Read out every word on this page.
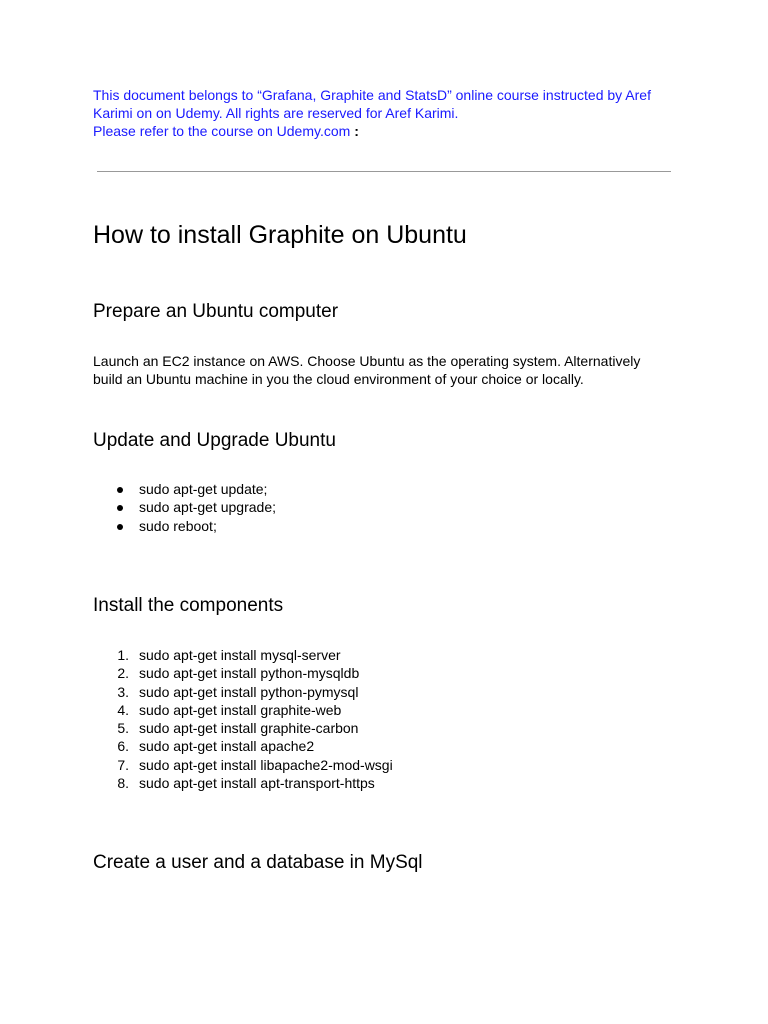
This document belongs to “Grafana, Graphite and StatsD” online course instructed by Aref Karimi on on Udemy. All rights are reserved for Aref Karimi.

Please refer to the course on Udemy.com :

How to install Graphite on Ubuntu
Prepare an Ubuntu computer

Launch an EC2 instance on AWS. Choose Ubuntu as the operating system. Alternatively build an Ubuntu machine in you the cloud environment of your choice or locally.

Update and Upgrade Ubuntu
sudo apt-get update;
sudo apt-get upgrade;
sudo reboot;
Install the components
1. sudo apt-get install mysql-server
2. sudo apt-get install python-mysqldb
3. sudo apt-get install python-pymysql
4. sudo apt-get install graphite-web
5. sudo apt-get install graphite-carbon
6. sudo apt-get install apache2
7. sudo apt-get install libapache2-mod-wsgi
8. sudo apt-get install apt-transport-https
Create a user and a database in MySql
